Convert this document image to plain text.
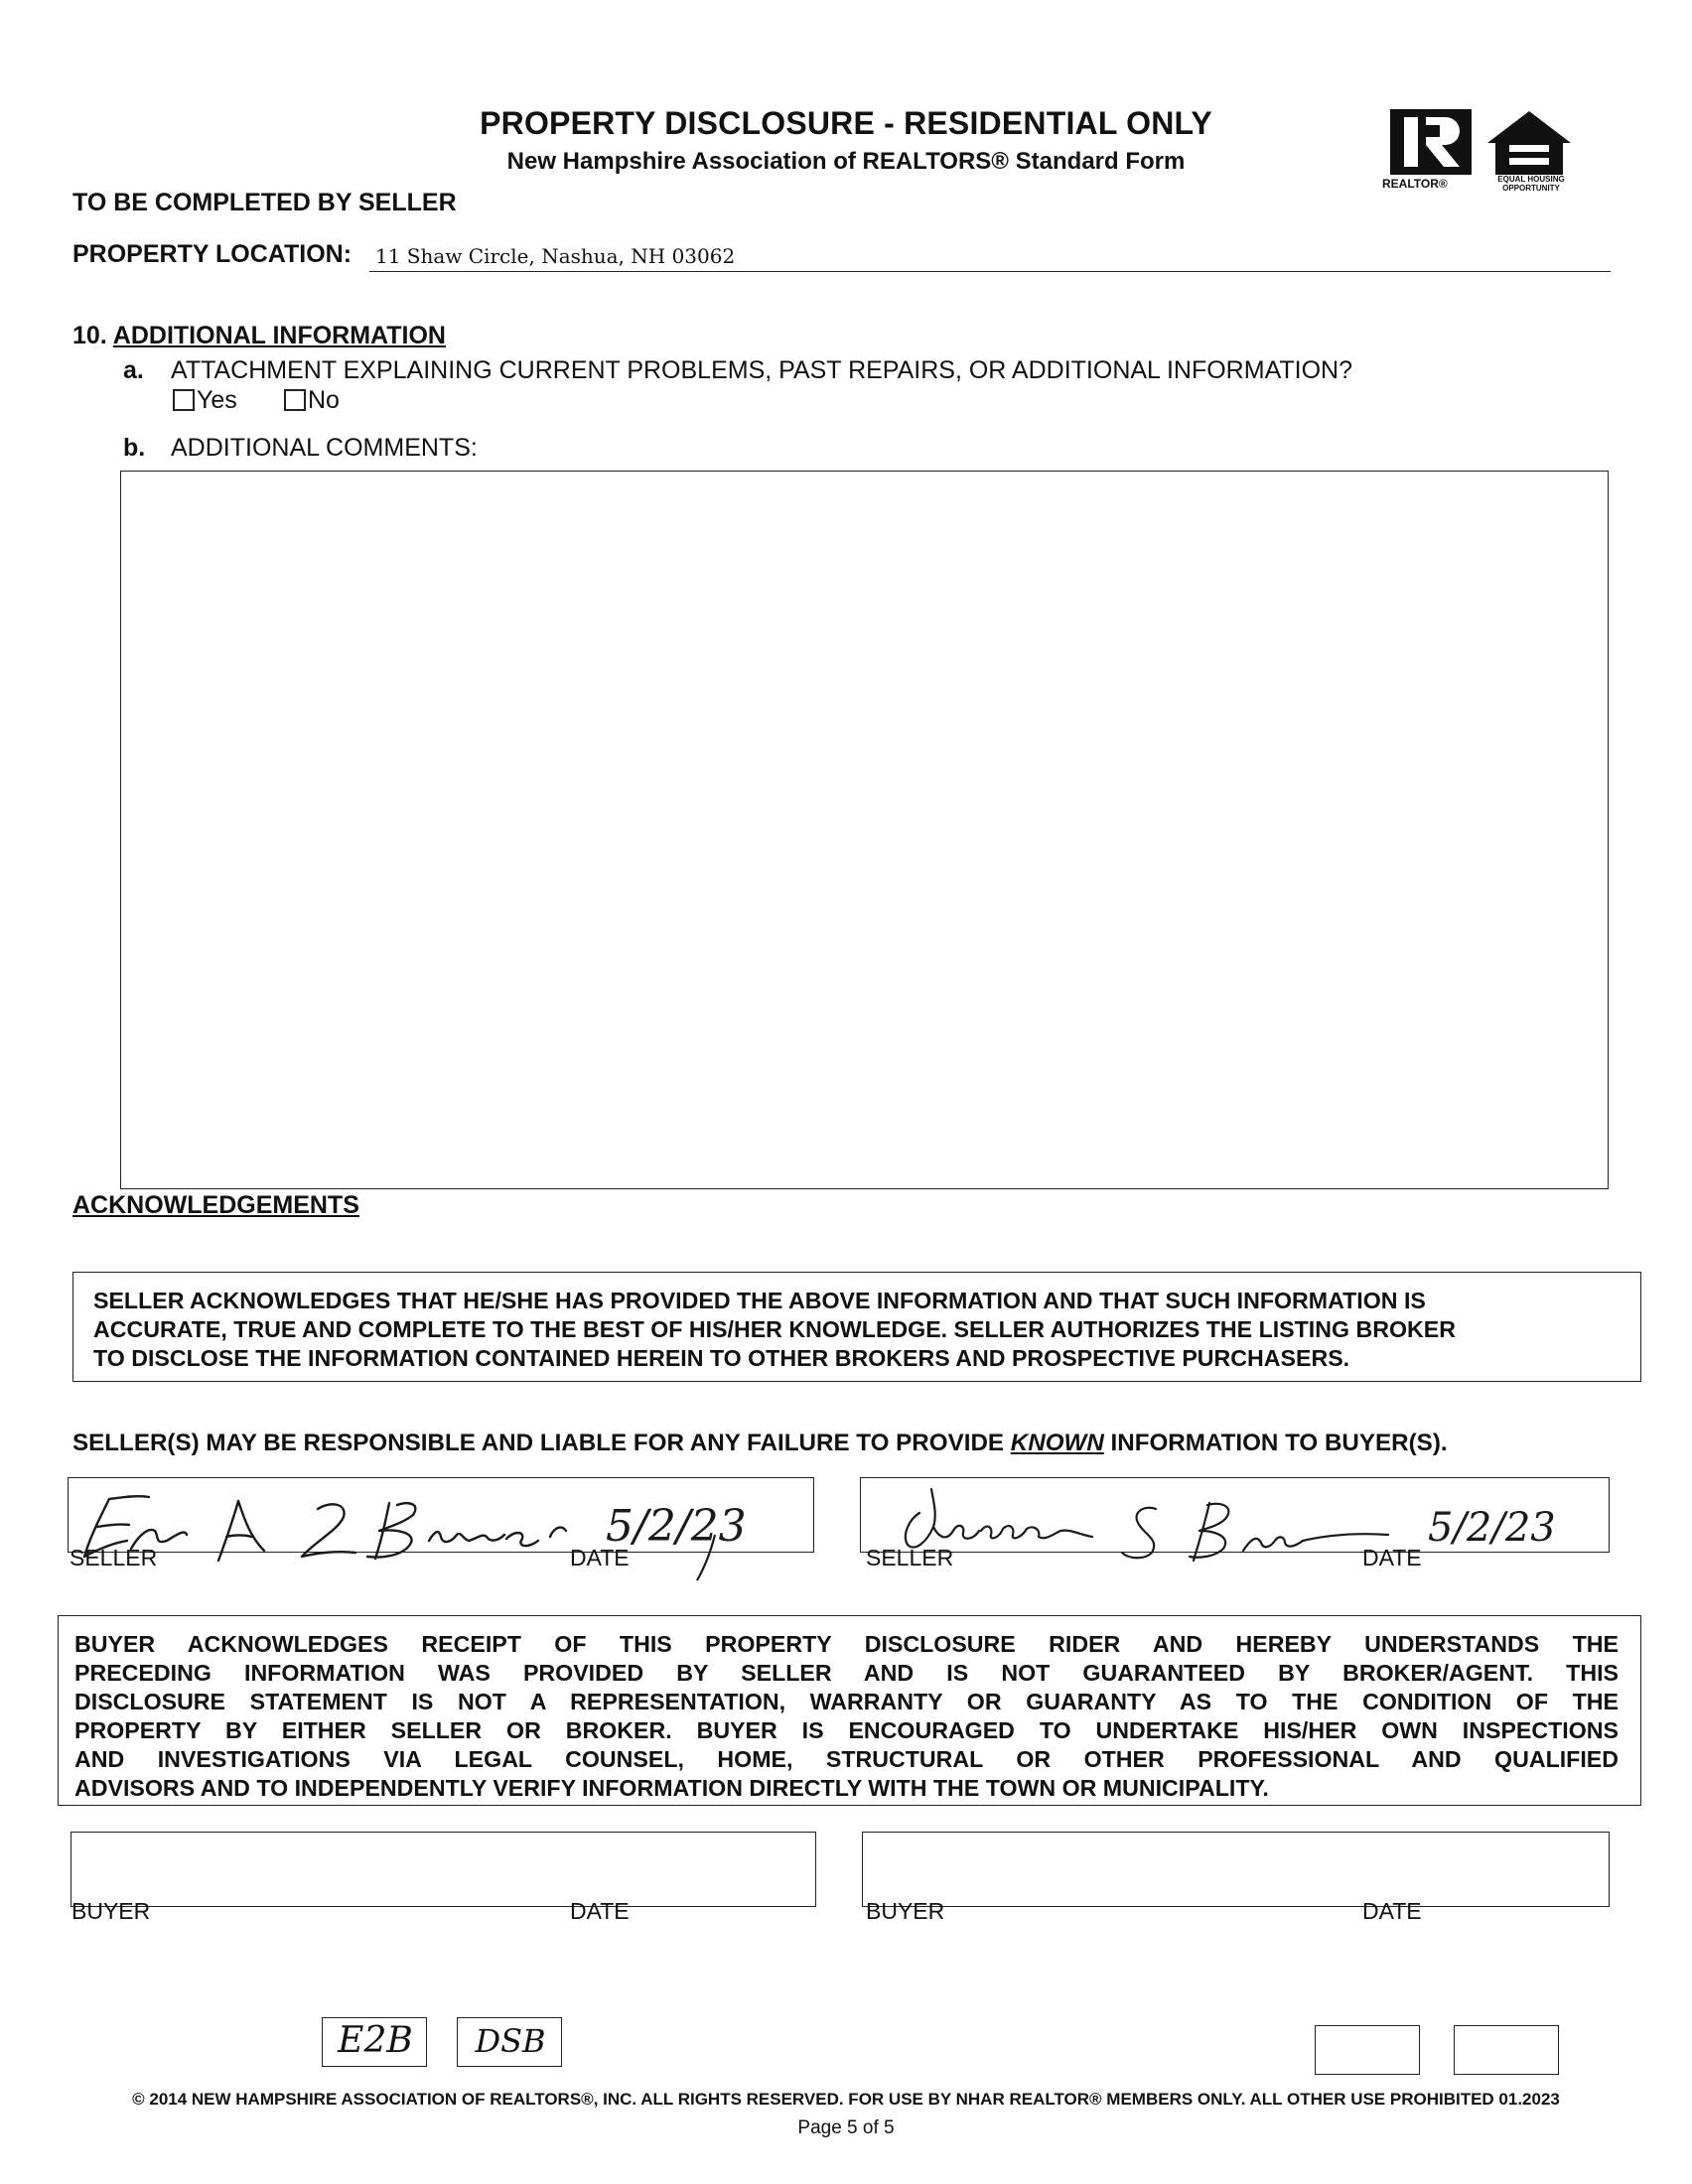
PROPERTY DISCLOSURE - RESIDENTIAL ONLY
New Hampshire Association of REALTORS® Standard Form
REALTOR®	EQUAL HOUSING
OPPORTUNITY
TO BE COMPLETED BY SELLER
PROPERTY LOCATION: 11 Shaw Circle, Nashua, NH 03062
10. ADDITIONAL INFORMATION
a. ATTACHMENT EXPLAINING CURRENT PROBLEMS, PAST REPAIRS, OR ADDITIONAL INFORMATION?
Yes	No
b. ADDITIONAL COMMENTS:
ACKNOWLEDGEMENTS
SELLER ACKNOWLEDGES THAT HE/SHE HAS PROVIDED THE ABOVE INFORMATION AND THAT SUCH INFORMATION IS
ACCURATE, TRUE AND COMPLETE TO THE BEST OF HIS/HER KNOWLEDGE. SELLER AUTHORIZES THE LISTING BROKER
TO DISCLOSE THE INFORMATION CONTAINED HEREIN TO OTHER BROKERS AND PROSPECTIVE PURCHASERS.
SELLER(S) MAY BE RESPONSIBLE AND LIABLE FOR ANY FAILURE TO PROVIDE KNOWN INFORMATION TO BUYER(S).
SELLER	DATE	SELLER	DATE
5/2/23	5/2/23
BUYER ACKNOWLEDGES RECEIPT OF THIS PROPERTY DISCLOSURE RIDER AND HEREBY UNDERSTANDS THE
PRECEDING INFORMATION WAS PROVIDED BY SELLER AND IS NOT GUARANTEED BY BROKER/AGENT. THIS
DISCLOSURE STATEMENT IS NOT A REPRESENTATION, WARRANTY OR GUARANTY AS TO THE CONDITION OF THE
PROPERTY BY EITHER SELLER OR BROKER. BUYER IS ENCOURAGED TO UNDERTAKE HIS/HER OWN INSPECTIONS
AND INVESTIGATIONS VIA LEGAL COUNSEL, HOME, STRUCTURAL OR OTHER PROFESSIONAL AND QUALIFIED
ADVISORS AND TO INDEPENDENTLY VERIFY INFORMATION DIRECTLY WITH THE TOWN OR MUNICIPALITY.
BUYER	DATE	BUYER	DATE
E2B	DSB
© 2014 NEW HAMPSHIRE ASSOCIATION OF REALTORS®, INC. ALL RIGHTS RESERVED. FOR USE BY NHAR REALTOR® MEMBERS ONLY. ALL OTHER USE PROHIBITED 01.2023
Page 5 of 5
